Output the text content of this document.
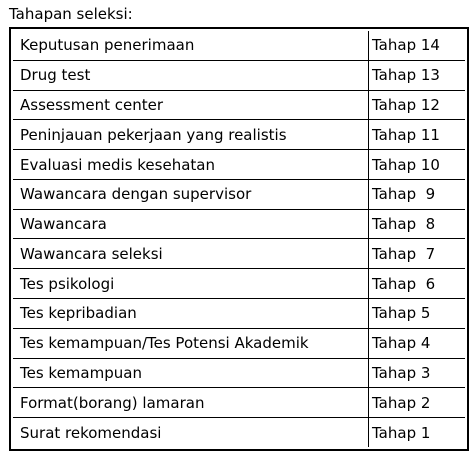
Tahapan seleksi:
Keputusan penerimaan	Tahap 14
Drug test	Tahap 13
Assessment center	Tahap 12
Peninjauan pekerjaan yang realistis	Tahap 11
Evaluasi medis kesehatan	Tahap 10
Wawancara dengan supervisor	Tahap  9
Wawancara	Tahap  8
Wawancara seleksi	Tahap  7
Tes psikologi	Tahap  6
Tes kepribadian	Tahap 5
Tes kemampuan/Tes Potensi Akademik	Tahap 4
Tes kemampuan	Tahap 3
Format(borang) lamaran	Tahap 2
Surat rekomendasi	Tahap 1
